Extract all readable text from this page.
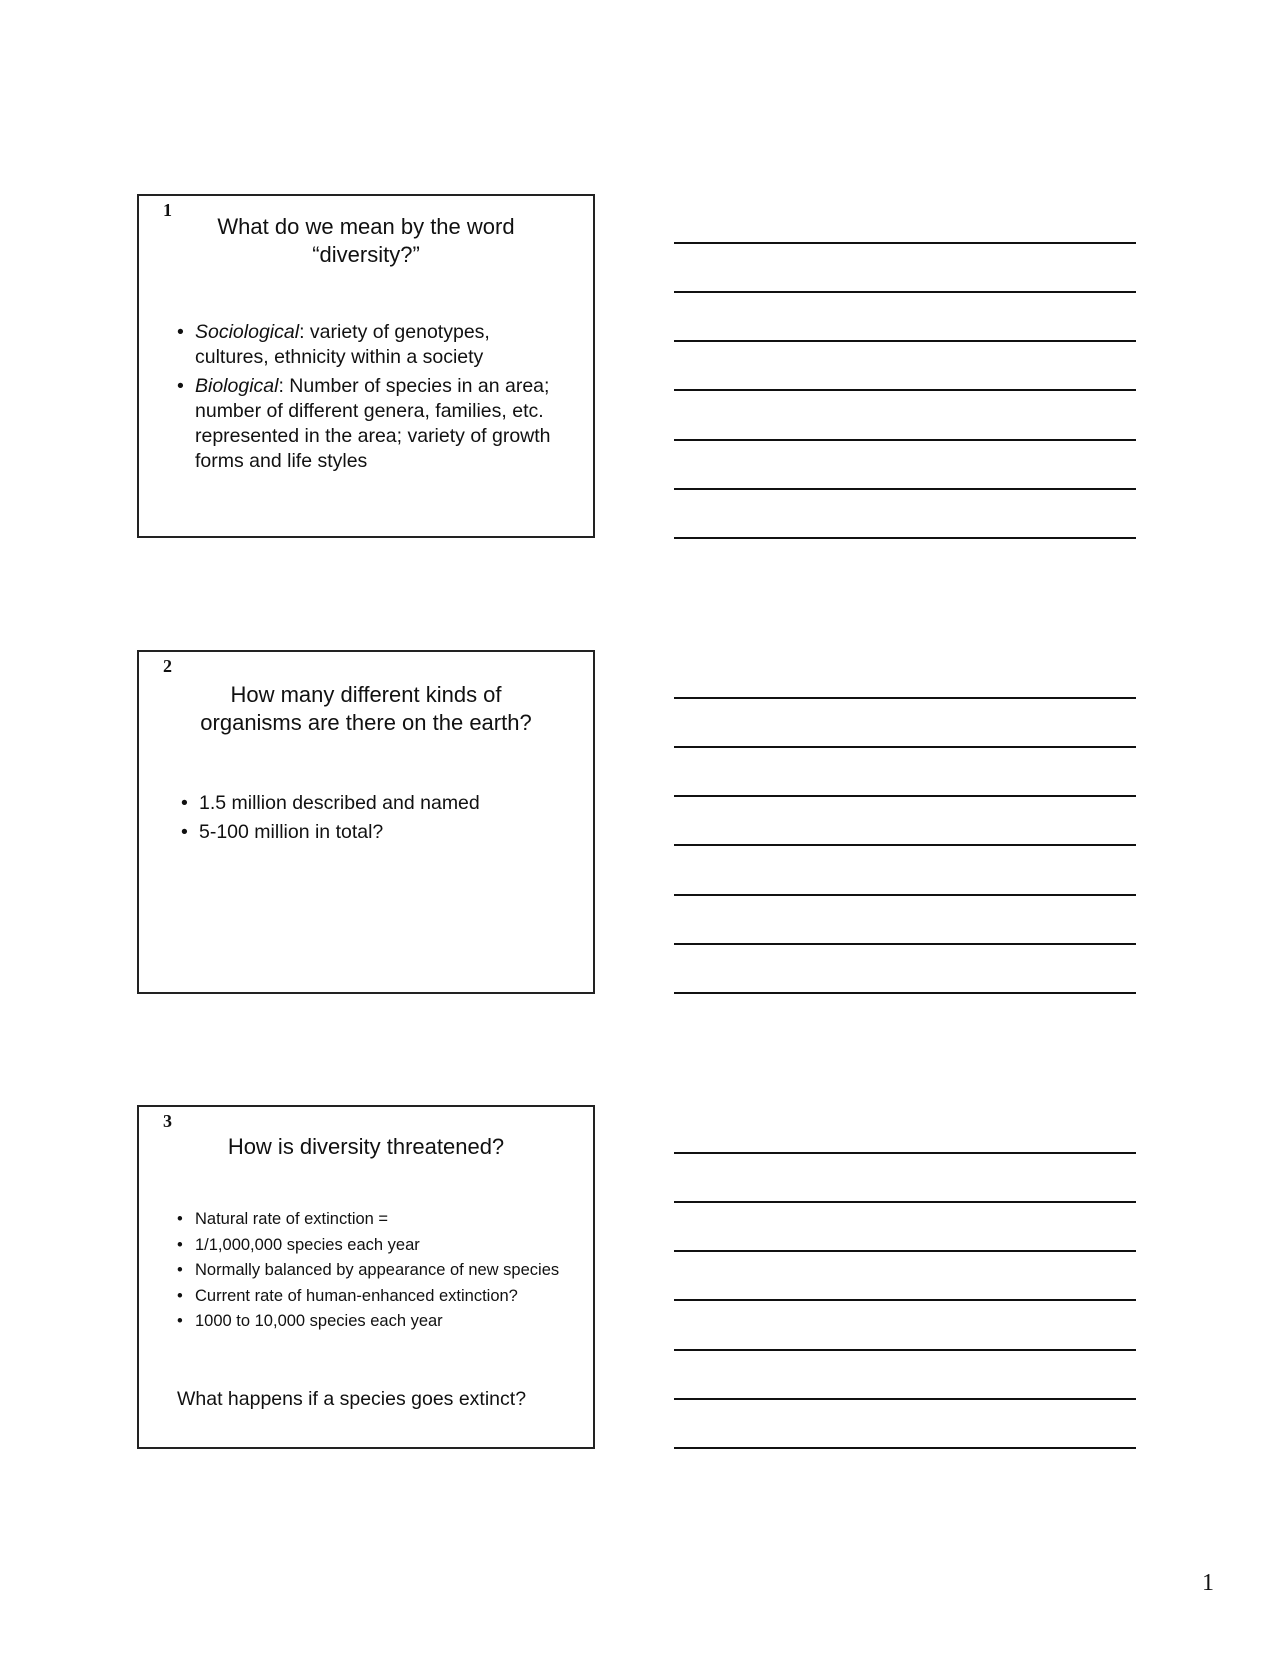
1
What do we mean by the word
“diversity?”
• Sociological: variety of genotypes, cultures, ethnicity within a society
• Biological: Number of species in an area; number of different genera, families, etc. represented in the area; variety of growth forms and life styles
2
How many different kinds of
organisms are there on the earth?
• 1.5 million described and named
• 5-100 million in total?
3
How is diversity threatened?
• Natural rate of extinction =
• 1/1,000,000 species each year
• Normally balanced by appearance of new species
• Current rate of human-enhanced extinction?
• 1000 to 10,000 species each year
What happens if a species goes extinct?
1
